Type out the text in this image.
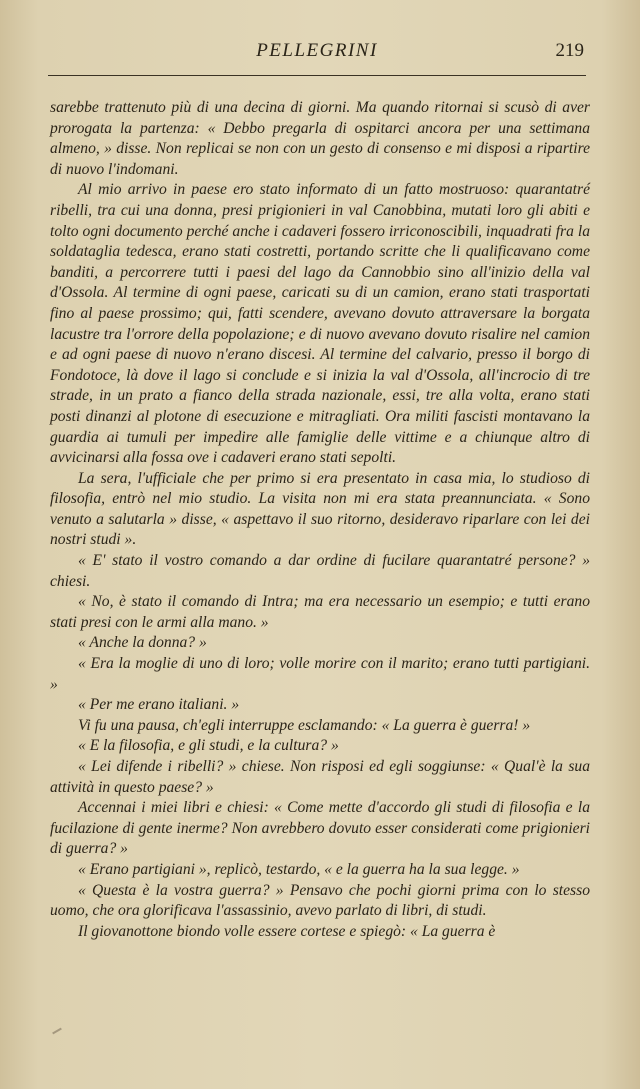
PELLEGRINI	219

sarebbe trattenuto più di una decina di giorni. Ma quando ritornai si scusò di aver prorogata la partenza: « Debbo pregarla di ospitarci ancora per una settimana almeno, » disse. Non replicai se non con un gesto di consenso e mi disposi a ripartire di nuovo l'indomani.

Al mio arrivo in paese ero stato informato di un fatto mostruoso: quarantatré ribelli, tra cui una donna, presi prigionieri in val Canobbina, mutati loro gli abiti e tolto ogni documento perché anche i cadaveri fossero irriconoscibili, inquadrati fra la soldataglia tedesca, erano stati costretti, portando scritte che li qualificavano come banditi, a percorrere tutti i paesi del lago da Cannobbio sino all'inizio della val d'Ossola. Al termine di ogni paese, caricati su di un camion, erano stati trasportati fino al paese prossimo; qui, fatti scendere, avevano dovuto attraversare la borgata lacustre tra l'orrore della popolazione; e di nuovo avevano dovuto risalire nel camion e ad ogni paese di nuovo n'erano discesi. Al termine del calvario, presso il borgo di Fondotoce, là dove il lago si conclude e si inizia la val d'Ossola, all'incrocio di tre strade, in un prato a fianco della strada nazionale, essi, tre alla volta, erano stati posti dinanzi al plotone di esecuzione e mitragliati. Ora militi fascisti montavano la guardia ai tumuli per impedire alle famiglie delle vittime e a chiunque altro di avvicinarsi alla fossa ove i cadaveri erano stati sepolti.

La sera, l'ufficiale che per primo si era presentato in casa mia, lo studioso di filosofia, entrò nel mio studio. La visita non mi era stata preannunciata. « Sono venuto a salutarla » disse, « aspettavo il suo ritorno, desideravo riparlare con lei dei nostri studi ».

« E' stato il vostro comando a dar ordine di fucilare quarantatré persone? » chiesi.

« No, è stato il comando di Intra; ma era necessario un esempio; e tutti erano stati presi con le armi alla mano. »

« Anche la donna? »

« Era la moglie di uno di loro; volle morire con il marito; erano tutti partigiani. »

« Per me erano italiani. »

Vi fu una pausa, ch'egli interruppe esclamando: « La guerra è guerra! »

« E la filosofia, e gli studi, e la cultura? »

« Lei difende i ribelli? » chiese. Non risposi ed egli soggiunse: « Qual'è la sua attività in questo paese? »

Accennai i miei libri e chiesi: « Come mette d'accordo gli studi di filosofia e la fucilazione di gente inerme? Non avrebbero dovuto esser considerati come prigionieri di guerra? »

« Erano partigiani », replicò, testardo, « e la guerra ha la sua legge. »

« Questa è la vostra guerra? » Pensavo che pochi giorni prima con lo stesso uomo, che ora glorificava l'assassinio, avevo parlato di libri, di studi.

Il giovanottone biondo volle essere cortese e spiegò: « La guerra è
